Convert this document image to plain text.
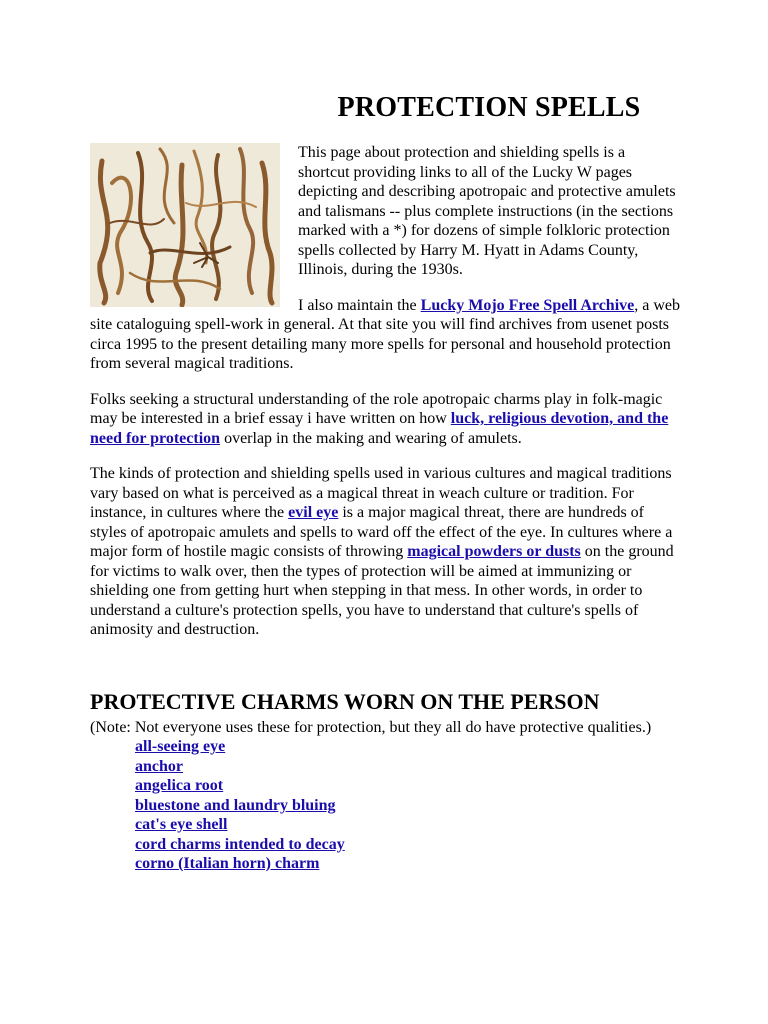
PROTECTION SPELLS

This page about protection and shielding spells is a shortcut providing links to all of the Lucky W pages depicting and describing apotropaic and protective amulets and talismans -- plus complete instructions (in the sections marked with a *) for dozens of simple folkloric protection spells collected by Harry M. Hyatt in Adams County, Illinois, during the 1930s.

I also maintain the Lucky Mojo Free Spell Archive, a web site cataloguing spell-work in general. At that site you will find archives from usenet posts circa 1995 to the present detailing many more spells for personal and household protection from several magical traditions.

Folks seeking a structural understanding of the role apotropaic charms play in folk-magic may be interested in a brief essay i have written on how luck, religious devotion, and the need for protection overlap in the making and wearing of amulets.

The kinds of protection and shielding spells used in various cultures and magical traditions vary based on what is perceived as a magical threat in weach culture or tradition. For instance, in cultures where the evil eye is a major magical threat, there are hundreds of styles of apotropaic amulets and spells to ward off the effect of the eye. In cultures where a major form of hostile magic consists of throwing magical powders or dusts on the ground for victims to walk over, then the types of protection will be aimed at immunizing or shielding one from getting hurt when stepping in that mess. In other words, in order to understand a culture's protection spells, you have to understand that culture's spells of animosity and destruction.

PROTECTIVE CHARMS WORN ON THE PERSON
(Note: Not everyone uses these for protection, but they all do have protective qualities.)
all-seeing eye
anchor
angelica root
bluestone and laundry bluing
cat's eye shell
cord charms intended to decay
corno (Italian horn) charm
